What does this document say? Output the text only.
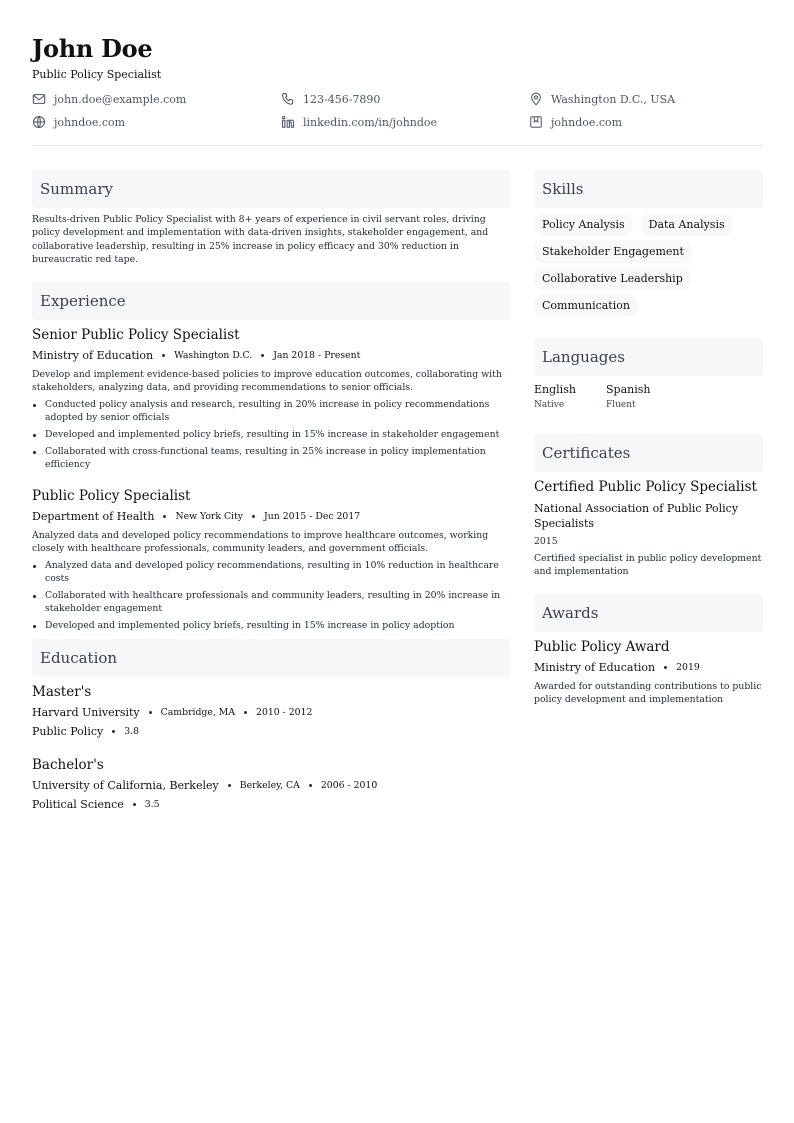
John Doe
Public Policy Specialist
john.doe@example.com	123-456-7890	Washington D.C., USA
johndoe.com	linkedin.com/in/johndoe	johndoe.com
Summary
Results-driven Public Policy Specialist with 8+ years of experience in civil servant roles, driving policy development and implementation with data-driven insights, stakeholder engagement, and collaborative leadership, resulting in 25% increase in policy efficacy and 30% reduction in bureaucratic red tape.
Experience
Senior Public Policy Specialist
Ministry of Education Washington D.C. Jan 2018 - Present
Develop and implement evidence-based policies to improve education outcomes, collaborating with stakeholders, analyzing data, and providing recommendations to senior officials.
Conducted policy analysis and research, resulting in 20% increase in policy recommendations adopted by senior officials
Developed and implemented policy briefs, resulting in 15% increase in stakeholder engagement
Collaborated with cross-functional teams, resulting in 25% increase in policy implementation efficiency
Public Policy Specialist
Department of Health New York City Jun 2015 - Dec 2017
Analyzed data and developed policy recommendations to improve healthcare outcomes, working closely with healthcare professionals, community leaders, and government officials.
Analyzed data and developed policy recommendations, resulting in 10% reduction in healthcare costs
Collaborated with healthcare professionals and community leaders, resulting in 20% increase in stakeholder engagement
Developed and implemented policy briefs, resulting in 15% increase in policy adoption
Education
Master's
Harvard University Cambridge, MA 2010 - 2012
Public Policy 3.8
Bachelor's
University of California, Berkeley Berkeley, CA 2006 - 2010
Political Science 3.5
Skills
Policy Analysis	Data Analysis
Stakeholder Engagement
Collaborative Leadership
Communication
Languages
English
Native
Spanish
Fluent
Certificates
Certified Public Policy Specialist
National Association of Public Policy Specialists
2015
Certified specialist in public policy development and implementation
Awards
Public Policy Award
Ministry of Education 2019
Awarded for outstanding contributions to public policy development and implementation
